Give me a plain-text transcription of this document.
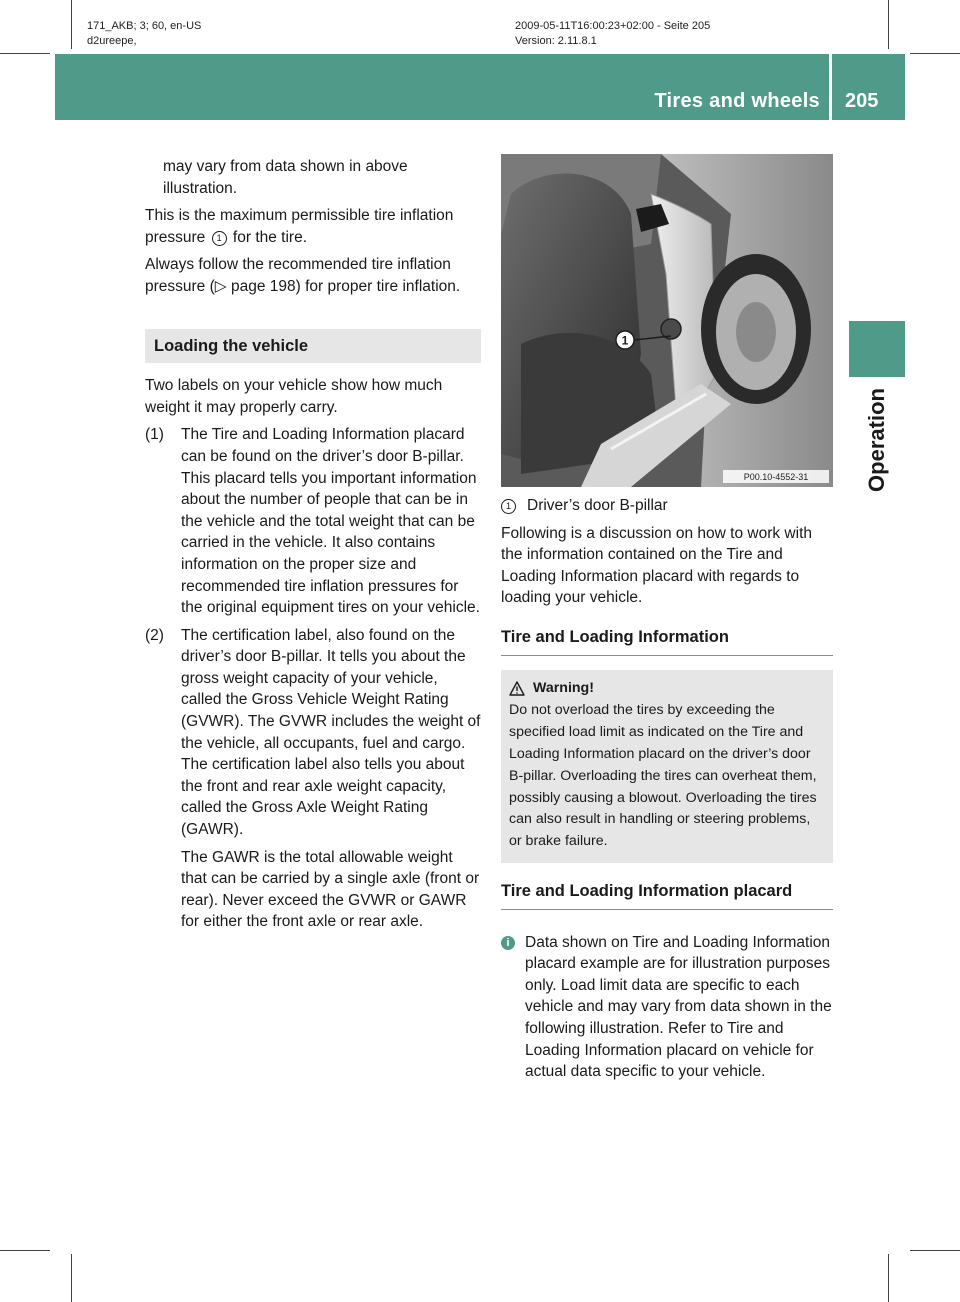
171_AKB; 3; 60, en-US
d2ureepe,
2009-05-11T16:00:23+02:00 - Seite 205
Version: 2.11.8.1
Tires and wheels 205
Operation

may vary from data shown in above illustration.

This is the maximum permissible tire inflation pressure 1 for the tire.

Always follow the recommended tire inflation pressure (▷ page 198) for proper tire inflation.

Loading the vehicle

Two labels on your vehicle show how much weight it may properly carry.

(1)	The Tire and Loading Information placard can be found on the driver’s door B-pillar. This placard tells you important information about the number of people that can be in the vehicle and the total weight that can be carried in the vehicle. It also contains information on the proper size and recommended tire inflation pressures for the original equipment tires on your vehicle.
(2)	The certification label, also found on the driver’s door B-pillar. It tells you about the gross weight capacity of your vehicle, called the Gross Vehicle Weight Rating (GVWR). The GVWR includes the weight of the vehicle, all occupants, fuel and cargo. The certification label also tells you about the front and rear axle weight capacity, called the Gross Axle Weight Rating (GAWR).

The GAWR is the total allowable weight that can be carried by a single axle (front or rear). Never exceed the GVWR or GAWR for either the front axle or rear axle.

1
P00.10-4552-31
1	Driver’s door B-pillar

Following is a discussion on how to work with the information contained on the Tire and Loading Information placard with regards to loading your vehicle.

Tire and Loading Information
Warning!
Do not overload the tires by exceeding the specified load limit as indicated on the Tire and Loading Information placard on the driver’s door B-pillar. Overloading the tires can overheat them, possibly causing a blowout. Overloading the tires can also result in handling or steering problems, or brake failure.
Tire and Loading Information placard
i Data shown on Tire and Loading Information placard example are for illustration purposes only. Load limit data are specific to each vehicle and may vary from data shown in the following illustration. Refer to Tire and Loading Information placard on vehicle for actual data specific to your vehicle.
